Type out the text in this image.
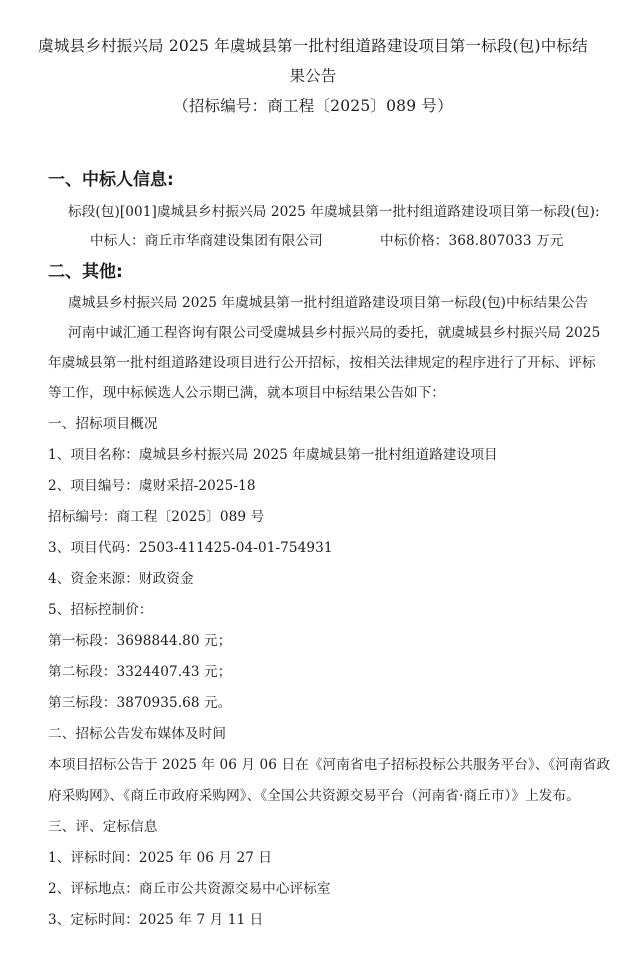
虞城县乡村振兴局 2025 年虞城县第一批村组道路建设项目第一标段(包)中标结
果公告
（招标编号：商工程〔2025〕089 号）
一、中标人信息:
标段(包)[001]虞城县乡村振兴局 2025 年虞城县第一批村组道路建设项目第一标段(包):
中标人：商丘市华商建设集团有限公司	中标价格：368.807033 万元
二、其他:
虞城县乡村振兴局 2025 年虞城县第一批村组道路建设项目第一标段(包)中标结果公告
河南中诚汇通工程咨询有限公司受虞城县乡村振兴局的委托，就虞城县乡村振兴局 2025
年虞城县第一批村组道路建设项目进行公开招标，按相关法律规定的程序进行了开标、评标
等工作，现中标候选人公示期已满，就本项目中标结果公告如下：
一、招标项目概况
1、项目名称：虞城县乡村振兴局 2025 年虞城县第一批村组道路建设项目
2、项目编号：虞财采招-2025-18
招标编号：商工程〔2025〕089 号
3、项目代码：2503-411425-04-01-754931
4、资金来源：财政资金
5、招标控制价：
第一标段：3698844.80 元；
第二标段：3324407.43 元；
第三标段：3870935.68 元。
二、招标公告发布媒体及时间
本项目招标公告于 2025 年 06 月 06 日在《河南省电子招标投标公共服务平台》、《河南省政
府采购网》、《商丘市政府采购网》、《全国公共资源交易平台（河南省·商丘市）》上发布。
三、评、定标信息
1、评标时间：2025 年 06 月 27 日
2、评标地点：商丘市公共资源交易中心评标室
3、定标时间：2025 年 7 月 11 日
